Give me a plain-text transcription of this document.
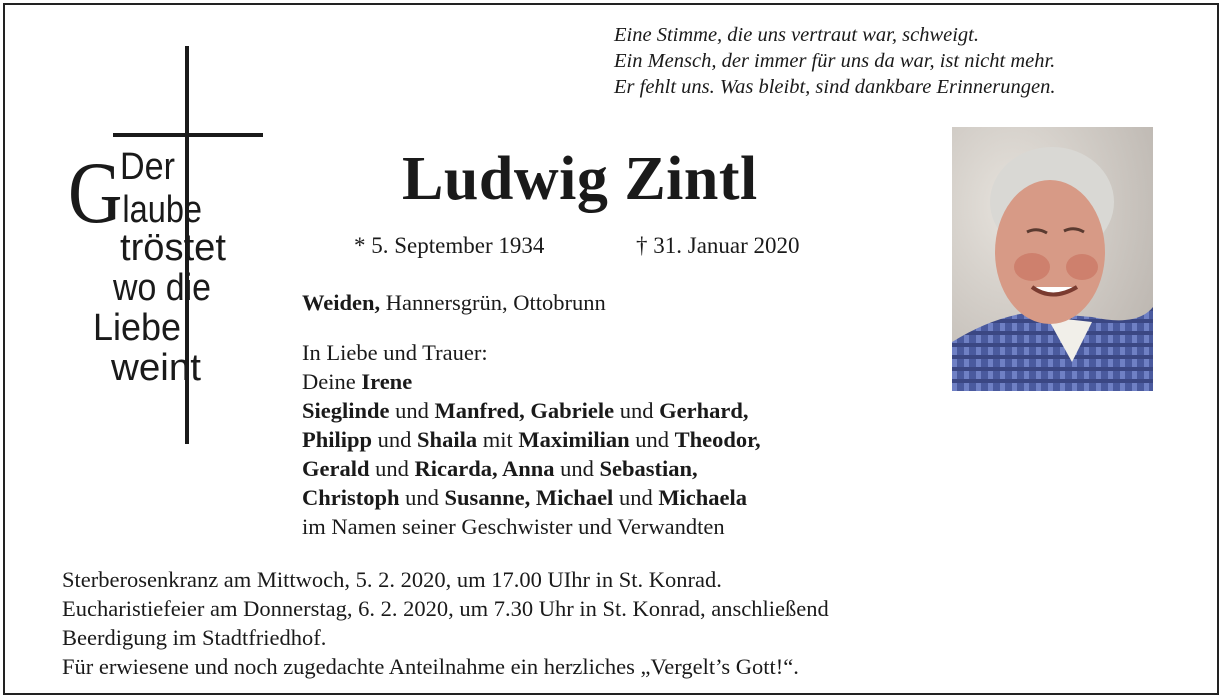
Eine Stimme, die uns vertraut war, schweigt.
Ein Mensch, der immer für uns da war, ist nicht mehr.
Er fehlt uns. Was bleibt, sind dankbare Erinnerungen.
Der
Glaube
tröstet
wo die
Liebe
weint
Ludwig Zintl
* 5. September 1934	† 31. Januar 2020
Weiden, Hannersgrün, Ottobrunn
In Liebe und Trauer:
Deine Irene
Sieglinde und Manfred, Gabriele und Gerhard,
Philipp und Shaila mit Maximilian und Theodor,
Gerald und Ricarda, Anna und Sebastian,
Christoph und Susanne, Michael und Michaela
im Namen seiner Geschwister und Verwandten
Sterberosenkranz am Mittwoch, 5. 2. 2020, um 17.00 UIhr in St. Konrad.
Eucharistiefeier am Donnerstag, 6. 2. 2020, um 7.30 Uhr in St. Konrad, anschließend
Beerdigung im Stadtfriedhof.
Für erwiesene und noch zugedachte Anteilnahme ein herzliches „Vergelt’s Gott!“.
